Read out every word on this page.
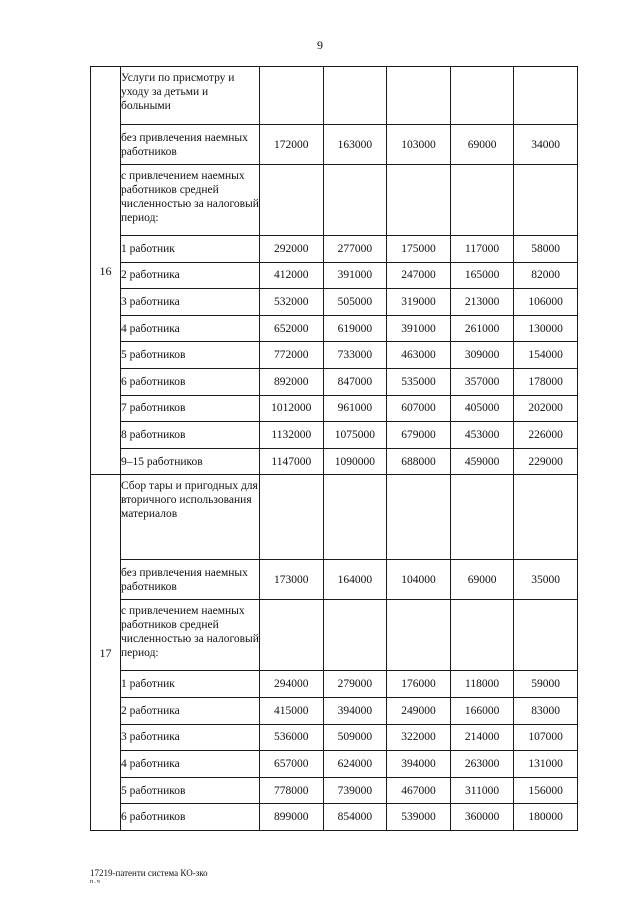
9
16	Услуги по присмотру и уходу за детьми и больными					
	без привлечения наемных работников	172000	163000	103000	69000	34000
	с привлечением наемных работников средней численностью за налоговый период:					
	1 работник	292000	277000	175000	117000	58000
	2 работника	412000	391000	247000	165000	82000
	3 работника	532000	505000	319000	213000	106000
	4 работника	652000	619000	391000	261000	130000
	5 работников	772000	733000	463000	309000	154000
	6 работников	892000	847000	535000	357000	178000
	7 работников	1012000	961000	607000	405000	202000
	8 работников	1132000	1075000	679000	453000	226000
	9–15 работников	1147000	1090000	688000	459000	229000
17	Сбор тары и пригодных для вторичного использования материалов					
	без привлечения наемных работников	173000	164000	104000	69000	35000
	с привлечением наемных работников средней численностью за налоговый период:					
	1 работник	294000	279000	176000	118000	59000
	2 работника	415000	394000	249000	166000	83000
	3 работника	536000	509000	322000	214000	107000
	4 работника	657000	624000	394000	263000	131000
	5 работников	778000	739000	467000	311000	156000
	6 работников	899000	854000	539000	360000	180000
17219-патенти система КО-зко
п.ч
